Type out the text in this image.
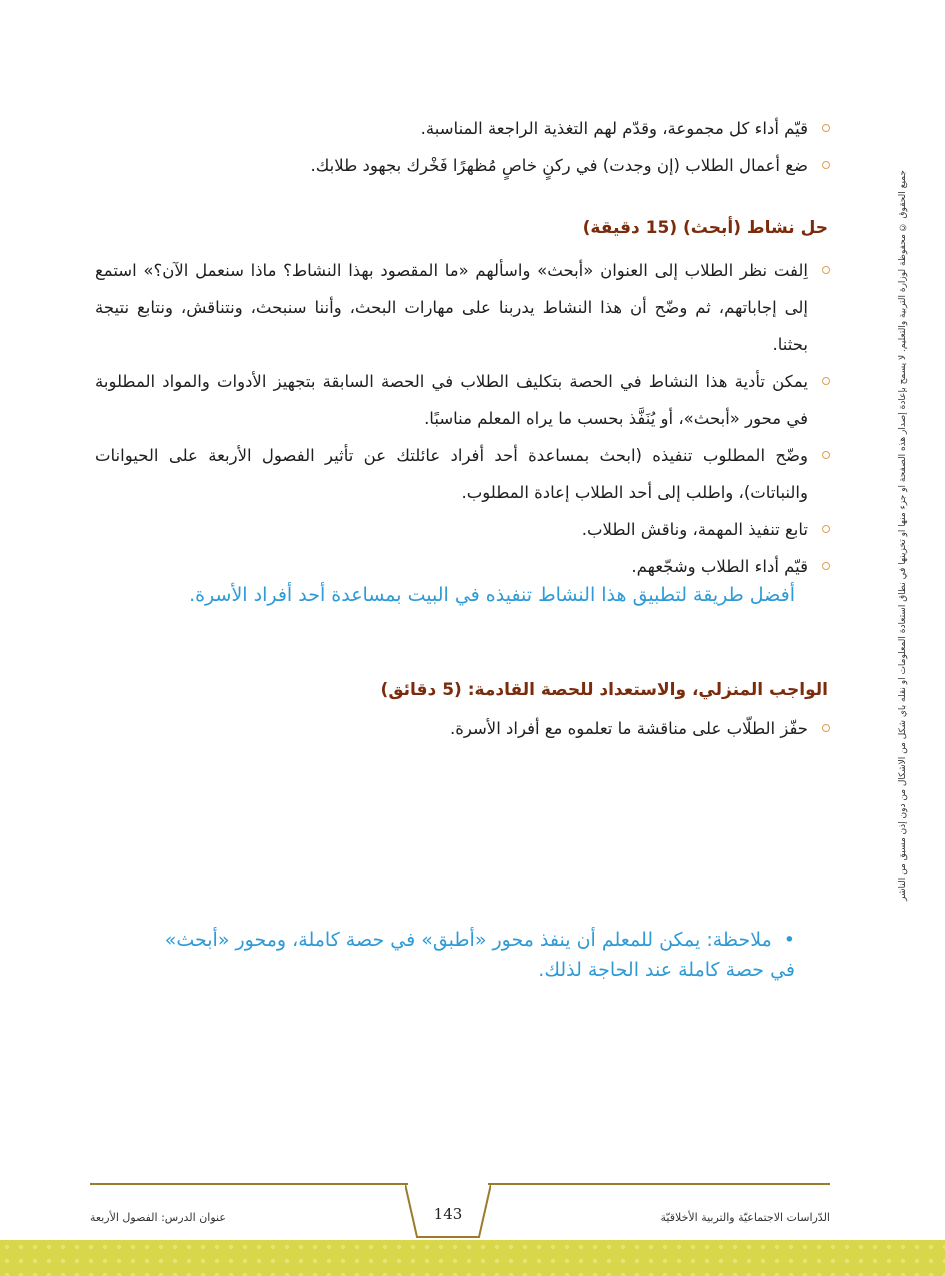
قيّم أداء كل مجموعة، وقدّم لهم التغذية الراجعة المناسبة.
ضع أعمال الطلاب (إن وجدت) في ركنٍ خاصٍ مُظهرًا فَخْرك بجهود طلابك.
حل نشاط (أبحث) (15 دقيقة)
اِلفت نظر الطلاب إلى العنوان «أبحث» واسألهم «ما المقصود بهذا النشاط؟ ماذا سنعمل الآن؟» استمع إلى إجاباتهم، ثم وضّح أن هذا النشاط يدربنا على مهارات البحث، وأننا سنبحث، ونتناقش، ونتابع نتيجة بحثنا.
يمكن تأدية هذا النشاط في الحصة بتكليف الطلاب في الحصة السابقة بتجهيز الأدوات والمواد المطلوبة في محور «أبحث»، أو يُنَفَّذ بحسب ما يراه المعلم مناسبًا.
وضّح المطلوب تنفيذه (ابحث بمساعدة أحد أفراد عائلتك عن تأثير الفصول الأربعة على الحيوانات والنباتات)، واطلب إلى أحد الطلاب إعادة المطلوب.
تابع تنفيذ المهمة، وناقش الطلاب.
قيّم أداء الطلاب وشجّعهم.
أفضل طريقة لتطبيق هذا النشاط تنفيذه في البيت بمساعدة أحد أفراد الأسرة.
الواجب المنزلي، والاستعداد للحصة القادمة: (5 دقائق)
حفّز الطلّاب على مناقشة ما تعلموه مع أفراد الأسرة.
•ملاحظة: يمكن للمعلم أن ينفذ محور «أطبق» في حصة كاملة، ومحور «أبحث» في حصة كاملة عند الحاجة لذلك.
جميع الحقوق © محفوظة لوزارة التربية والتعليم. لا يسمح بإعادة إصدار هذه الصفحة أو جزء منها أو تخزينها في نطاق استعادة المعلومات أو نقله بأي شكل من الأشكال من دون إذن مسبق من الناشر
143
عنوان الدرس: الفصول الأربعة	الدّراسات الاجتماعيّة والتربية الأخلاقيّة
